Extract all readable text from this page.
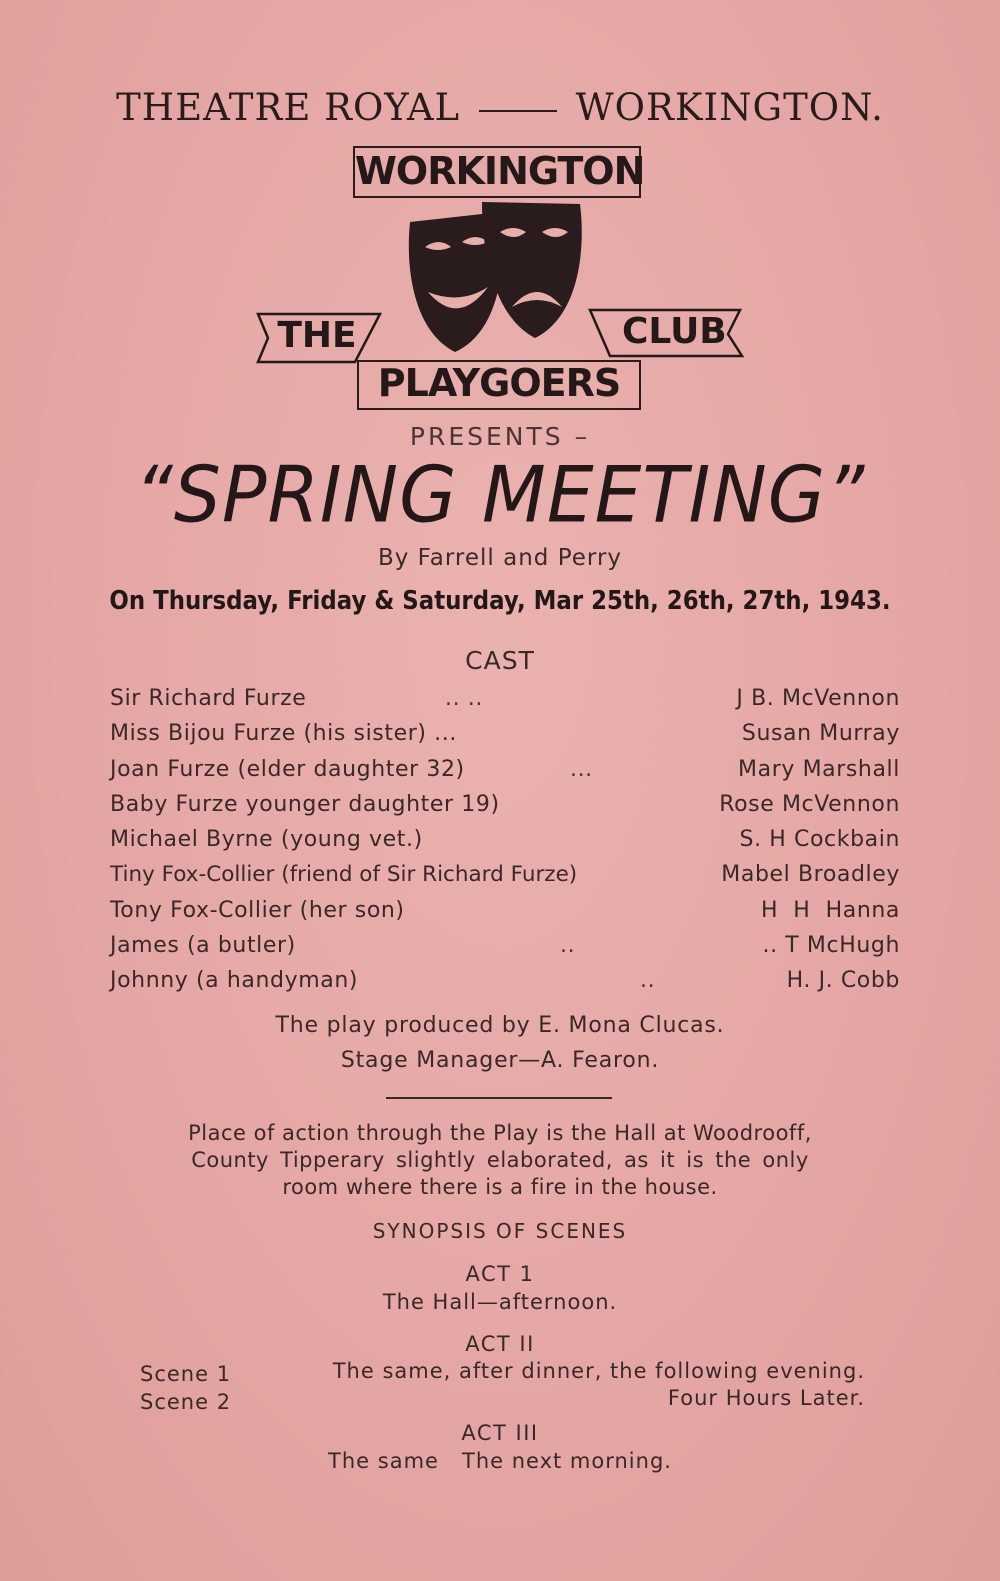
THEATRE ROYAL	WORKINGTON.
WORKINGTON
THE	CLUB
PLAYGOERS
PRESENTS –
“SPRING MEETING”
By Farrell and Perry
On Thursday, Friday & Saturday, Mar 25th, 26th, 27th, 1943.
CAST
Sir Richard Furze	.. ..	J B. McVennon
Miss Bijou Furze (his sister) ...	Susan Murray
Joan Furze (elder daughter 32)	...	Mary Marshall
Baby Furze younger daughter 19)	Rose McVennon
Michael Byrne (young vet.)	S. H Cockbain
Tiny Fox-Collier (friend of Sir Richard Furze)	Mabel Broadley
Tony Fox-Collier (her son)	H  H  Hanna
James (a butler)	..	.. T McHugh
Johnny (a handyman)	..	H. J. Cobb
The play produced by E. Mona Clucas.
Stage Manager—A. Fearon.
Place of action through the Play is the Hall at Woodrooff,
County Tipperary slightly elaborated, as it is the only
room where there is a fire in the house.
SYNOPSIS OF SCENES
ACT 1
The Hall—afternoon.
ACT II
Scene 1	The same, after dinner, the following evening.
Scene 2	Four Hours Later.
ACT III
The same   The next morning.
